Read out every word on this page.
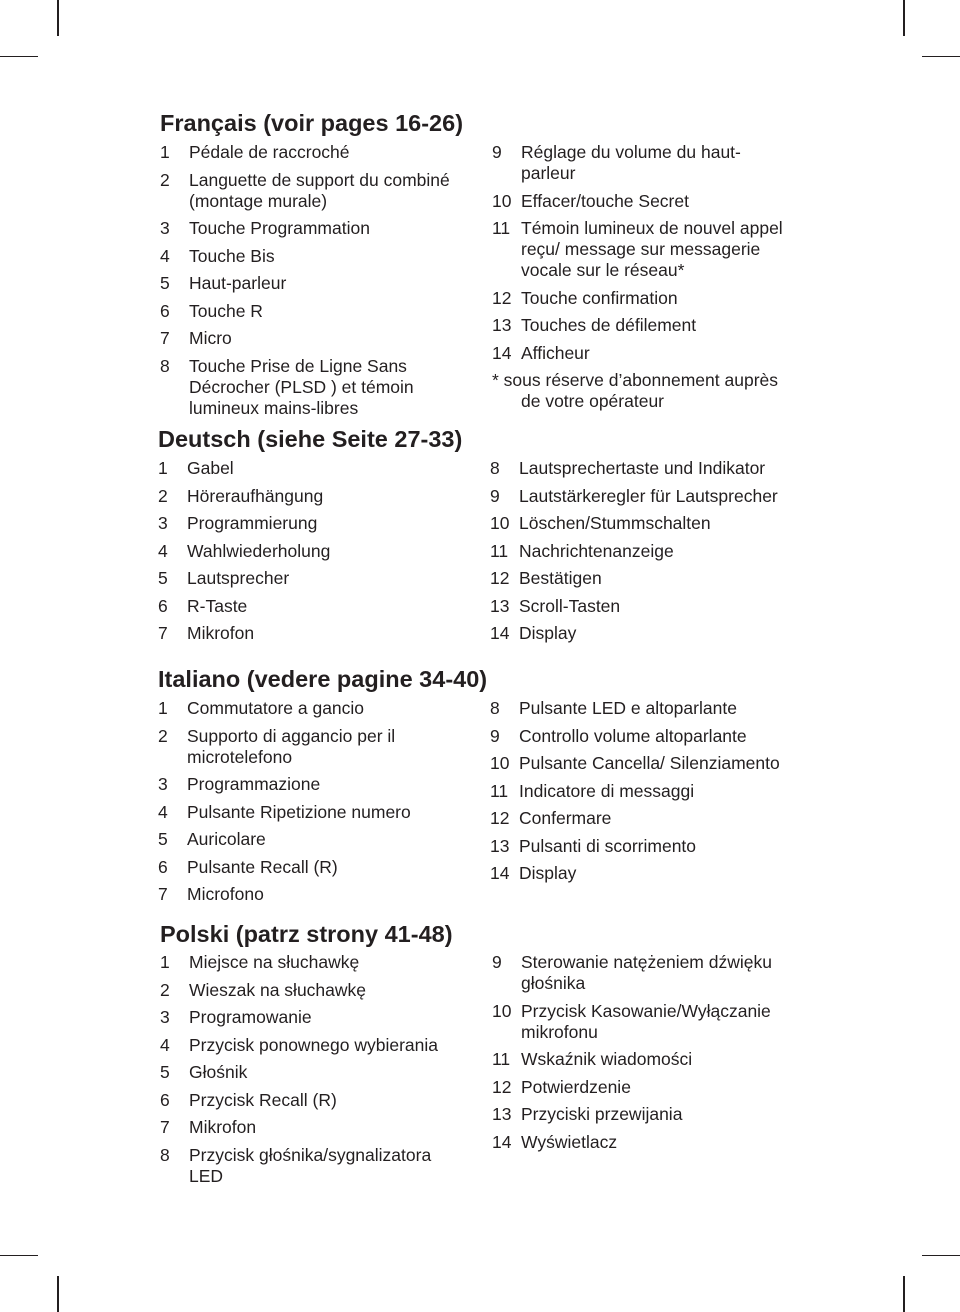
Français (voir pages 16-26)
1 Pédale de raccroché
2 Languette de support du combiné
(montage murale)
3 Touche Programmation
4 Touche Bis
5 Haut-parleur
6 Touche R
7 Micro
8 Touche Prise de Ligne Sans
Décrocher (PLSD ) et témoin
lumineux mains-libres
9 Réglage du volume du haut-
parleur
10 Effacer/touche Secret
11 Témoin lumineux de nouvel appel
reçu/ message sur messagerie
vocale sur le réseau*
12 Touche confirmation
13 Touches de défilement
14 Afficheur
* sous réserve d’abonnement auprès
de votre opérateur
Deutsch (siehe Seite 27-33)
1 Gabel
2 Höreraufhängung
3 Programmierung
4 Wahlwiederholung
5 Lautsprecher
6 R-Taste
7 Mikrofon
8 Lautsprechertaste und Indikator
9 Lautstärkeregler für Lautsprecher
10 Löschen/Stummschalten
11 Nachrichtenanzeige
12 Bestätigen
13 Scroll-Tasten
14 Display
Italiano (vedere pagine 34-40)
1 Commutatore a gancio
2 Supporto di aggancio per il
microtelefono
3 Programmazione
4 Pulsante Ripetizione numero
5 Auricolare
6 Pulsante Recall (R)
7 Microfono
8 Pulsante LED e altoparlante
9 Controllo volume altoparlante
10 Pulsante Cancella/ Silenziamento
11 Indicatore di messaggi
12 Confermare
13 Pulsanti di scorrimento
14 Display
Polski (patrz strony 41-48)
1 Miejsce na słuchawkę
2 Wieszak na słuchawkę
3 Programowanie
4 Przycisk ponownego wybierania
5 Głośnik
6 Przycisk Recall (R)
7 Mikrofon
8 Przycisk głośnika/sygnalizatora
LED
9 Sterowanie natężeniem dźwięku
głośnika
10 Przycisk Kasowanie/Wyłączanie
mikrofonu
11 Wskaźnik wiadomości
12 Potwierdzenie
13 Przyciski przewijania
14 Wyświetlacz
